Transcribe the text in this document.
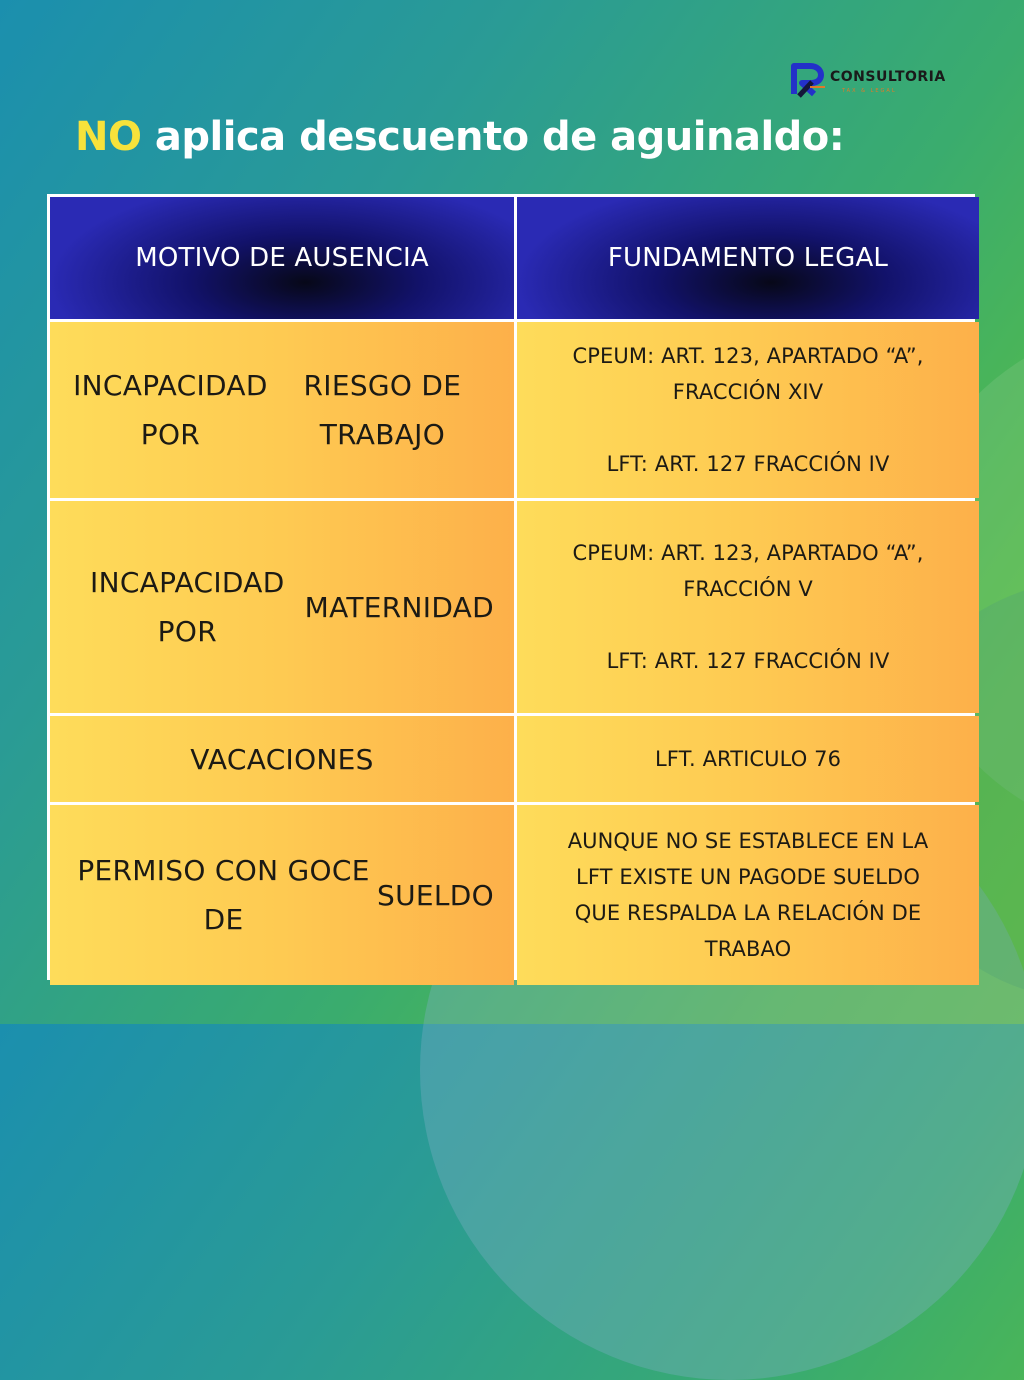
CONSULTORIA
TAX & LEGAL
NO aplica descuento de aguinaldo:
MOTIVO DE AUSENCIA	FUNDAMENTO LEGAL
INCAPACIDAD POR
RIESGO DE TRABAJO
CPEUM: ART. 123, APARTADO “A”,
FRACCIÓN XIV
LFT: ART. 127 FRACCIÓN IV
INCAPACIDAD POR
MATERNIDAD
CPEUM: ART. 123, APARTADO “A”,
FRACCIÓN V
LFT: ART. 127 FRACCIÓN IV
VACACIONES	LFT. ARTICULO 76
PERMISO CON GOCE DE
SUELDO
AUNQUE NO SE ESTABLECE EN LA
LFT EXISTE UN PAGODE SUELDO
QUE RESPALDA LA RELACIÓN DE
TRABAO
